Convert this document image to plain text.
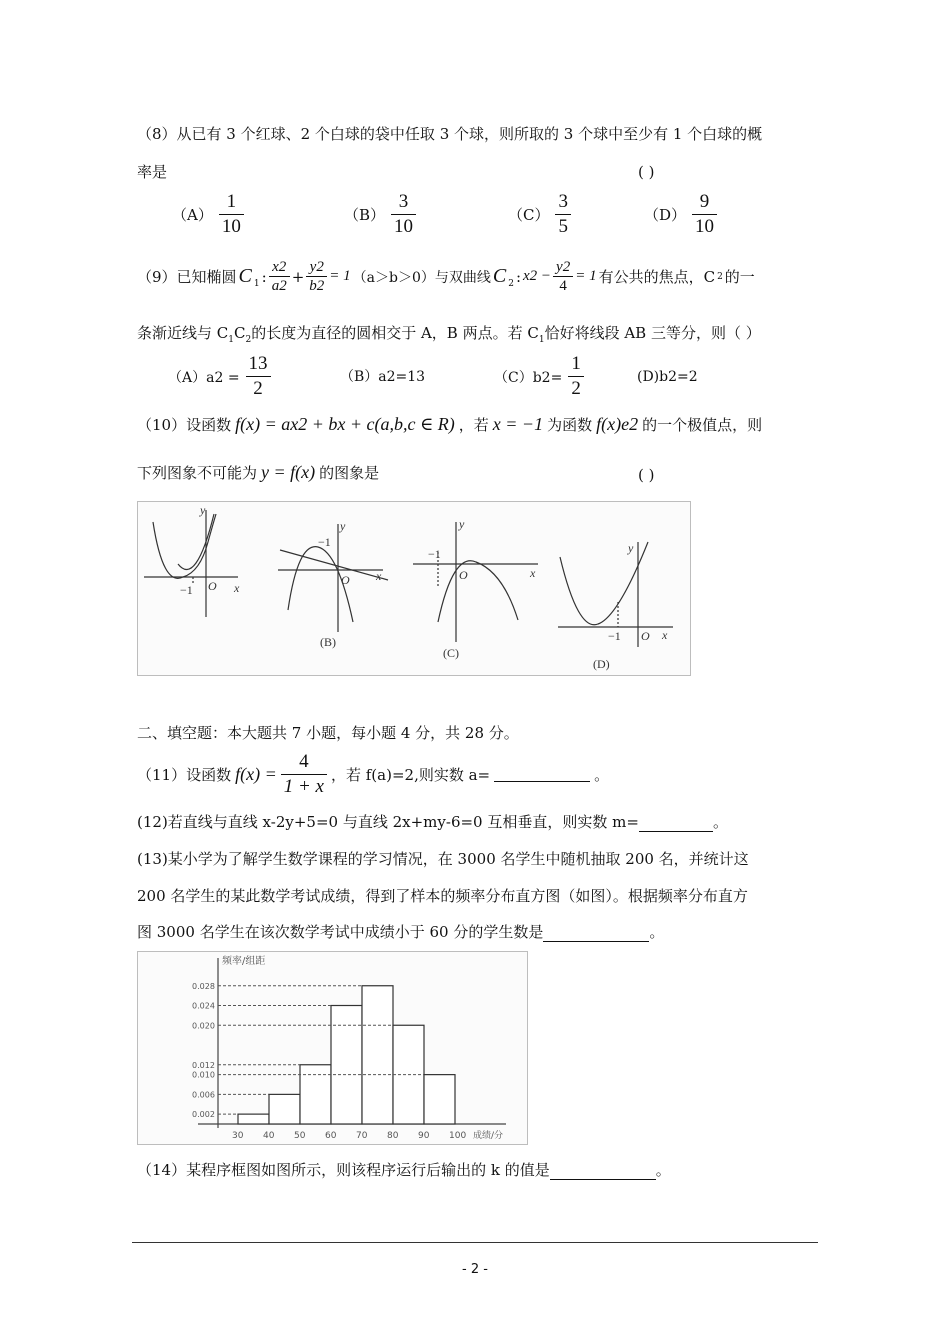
（8）从已有 3 个红球、2 个白球的袋中任取 3 个球，则所取的 3 个球中至少有 1 个白球的概
率是	( )
$(A) \frac{1}{10}$	$(B) \frac{3}{10}$	$(C) \frac{3}{5}$	$(D) \frac{9}{10}$
（9）已知椭圆 $C_1$ : $\frac{x2}{a2} + \frac{y2}{b2} = 1$ （a＞b＞0）与双曲线 $C_2$ : $x2 - \frac{y2}{4} = 1$ 有公共的焦点，C 2 的一
条渐近线与 $C_1C_2$的长度为直径的圆相交于 A，B 两点。若 $C_1$恰好将线段 AB 三等分，则（ ）
$(A)a2 = \frac{13}{2}$	（B）a2=13	$(C)b2= \frac{1}{2}$	(D)b2=2
（10）设函数 f(x) = ax2 + bx + c(a,b,c ∈ R) ，若 x = −1 为函数 f(x)e2 的一个极值点，则
下列图象不可能为 y = f(x) 的图象是	( )
y
x
−1 O
y
x
−1
O
(B)
y
x
−1
O
(C)
y
x
−1 O
(D)
二、填空题：本大题共 7 小题，每小题 4 分，共 28 分。
（11）设函数 $f(x) = \frac{4}{1 + x}$ ，若 f(a)=2,则实数 a=	。
(12)若直线与直线 x-2y+5=0 与直线 2x+my-6=0 互相垂直，则实数 m=	。
(13)某小学为了解学生数学课程的学习情况，在 3000 名学生中随机抽取 200 名，并统计这
200 名学生的某此数学考试成绩，得到了样本的频率分布直方图（如图）。根据频率分布直方
图 3000 名学生在该次数学考试中成绩小于 60 分的学生数是	。
频率/组距
0.002
0.006
0.010
0.012
0.020
0.024
0.028
30 40 50 60 70 80 90 100 成绩/分
（14）某程序框图如图所示，则该程序运行后输出的 k 的值是	。
- 2 -
